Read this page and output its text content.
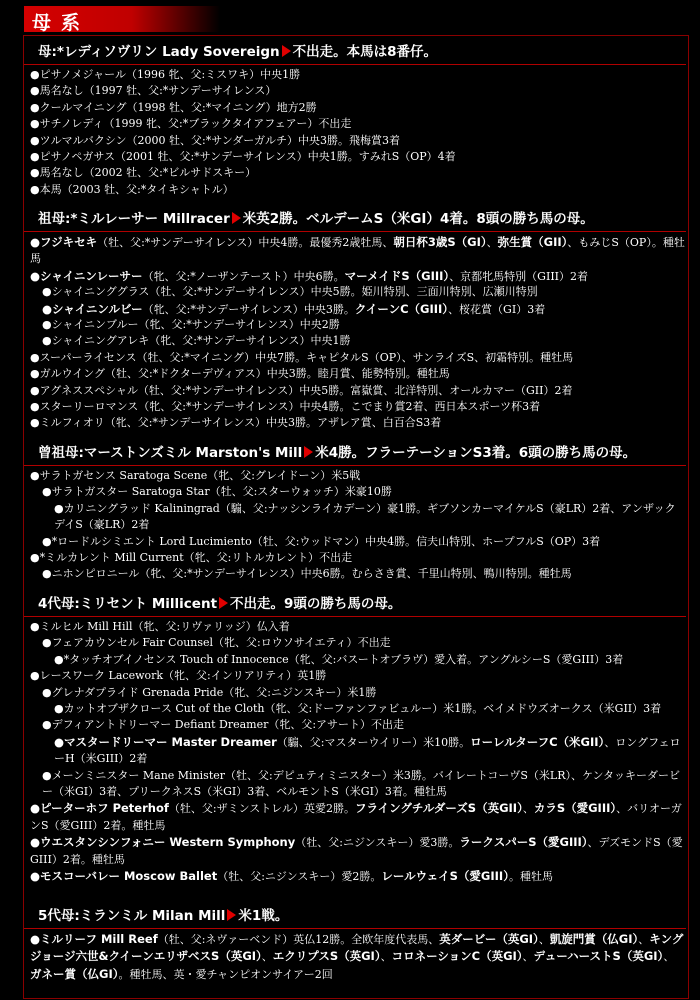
母系
母:*レディソヴリン Lady Sovereign 不出走。本馬は8番仔。
●ピサノメジャール（1996 牝、父:ミスワキ）中央1勝
●馬名なし（1997 牡、父:*サンデーサイレンス）
●クールマイニング（1998 牡、父:*マイニング）地方2勝
●サチノレディ（1999 牝、父:*ブラックタイアフェアー）不出走
●ツルマルバクシン（2000 牡、父:*サンダーガルチ）中央3勝。飛梅賞3着
●ピサノペガサス（2001 牡、父:*サンデーサイレンス）中央1勝。すみれS（OP）4着
●馬名なし（2002 牡、父:*ビルサドスキー）
●本馬（2003 牡、父:*タイキシャトル）
祖母:*ミルレーサー Millracer 米英2勝。ベルデームS（米GI）4着。8頭の勝ち馬の母。
●フジキセキ（牡、父:*サンデーサイレンス）中央4勝。最優秀2歳牡馬、朝日杯3歳S（GI）、弥生賞（GII）、もみじS（OP）。種牡馬
●シャイニンレーサー（牝、父:*ノーザンテースト）中央6勝。マーメイドS（GIII）、京都牝馬特別（GIII）2着
●シャイニンググラス（牡、父:*サンデーサイレンス）中央5勝。姫川特別、三面川特別、広瀬川特別
●シャイニンルビー（牝、父:*サンデーサイレンス）中央3勝。クイーンC（GIII）、桜花賞（GI）3着
●シャイニンブルー（牝、父:*サンデーサイレンス）中央2勝
●シャイニングアレキ（牝、父:*サンデーサイレンス）中央1勝
●スーパーライセンス（牡、父:*マイニング）中央7勝。キャピタルS（OP）、サンライズS、初霜特別。種牡馬
●ガルウイング（牡、父:*ドクターデヴィアス）中央3勝。睦月賞、能勢特別。種牡馬
●アグネススペシャル（牡、父:*サンデーサイレンス）中央5勝。富嶽賞、北洋特別、オールカマー（GII）2着
●スターリーロマンス（牝、父:*サンデーサイレンス）中央4勝。こでまり賞2着、西日本スポーツ杯3着
●ミルフィオリ（牝、父:*サンデーサイレンス）中央3勝。アザレア賞、白百合S3着
曾祖母:マーストンズミル Marston's Mill 米4勝。フラーテーションS3着。6頭の勝ち馬の母。
●サラトガセンス Saratoga Scene（牝、父:グレイドーン）米5戦
●サラトガスター Saratoga Star（牡、父:スターウォッチ）米豪10勝
●カリニングラッド Kaliningrad（騸、父:ナッシンライカデーン）豪1勝。ギブソンカーマイケルS（豪LR）2着、アンザックデイS（豪LR）2着
●*ロードルシミエント Lord Lucimiento（牡、父:ウッドマン）中央4勝。信夫山特別、ホープフルS（OP）3着
●*ミルカレント Mill Current（牝、父:リトルカレント）不出走
●ニホンピロニール（牝、父:*サンデーサイレンス）中央6勝。むらさき賞、千里山特別、鴨川特別。種牡馬
4代母:ミリセント Millicent 不出走。9頭の勝ち馬の母。
●ミルヒル Mill Hill（牝、父:リヴァリッジ）仏入着
●フェアカウンセル Fair Counsel（牝、父:ロウソサイエティ）不出走
●*タッチオブイノセンス Touch of Innocence（牝、父:バスートオブラヴ）愛入着。アングルシーS（愛GIII）3着
●レースワーク Lacework（牝、父:インリアリティ）英1勝
●グレナダプライド Grenada Pride（牝、父:ニジンスキー）米1勝
●カットオブザクロース Cut of the Cloth（牝、父:ドーファンファビュルー）米1勝。ベイメドウズオークス（米GII）3着
●デフィアントドリーマー Defiant Dreamer（牝、父:アサート）不出走
●マスタードリーマー Master Dreamer（騸、父:マスターウイリー）米10勝。ローレルターフC（米GII）、ロングフェローH（米GIII）2着
●メーンミニスター Mane Minister（牡、父:デピュティミニスター）米3勝。バイレートコーヴS（米LR）、ケンタッキーダービー（米GI）3着、プリークネスS（米GI）3着、ベルモントS（米GI）3着。種牡馬
●ピーターホフ Peterhof（牡、父:ザミンストレル）英愛2勝。フライングチルダーズS（英GII）、カラS（愛GIII）、バリオーガンS（愛GIII）2着。種牡馬
●ウエスタンシンフォニー Western Symphony（牡、父:ニジンスキー）愛3勝。ラークスパーS（愛GIII）、デズモンドS（愛GIII）2着。種牡馬
●モスコーバレー Moscow Ballet（牡、父:ニジンスキー）愛2勝。レールウェイS（愛GIII）。種牡馬
5代母:ミランミル Milan Mill 米1戦。
●ミルリーフ Mill Reef（牡、父:ネヴァーベンド）英仏12勝。全欧年度代表馬、英ダービー（英GI）、凱旋門賞（仏GI）、キングジョージ六世&クイーンエリザベスS（英GI）、エクリプスS（英GI）、コロネーションC（英GI）、デューハーストS（英GI）、ガネー賞（仏GI）。種牡馬、英・愛チャンピオンサイアー2回
